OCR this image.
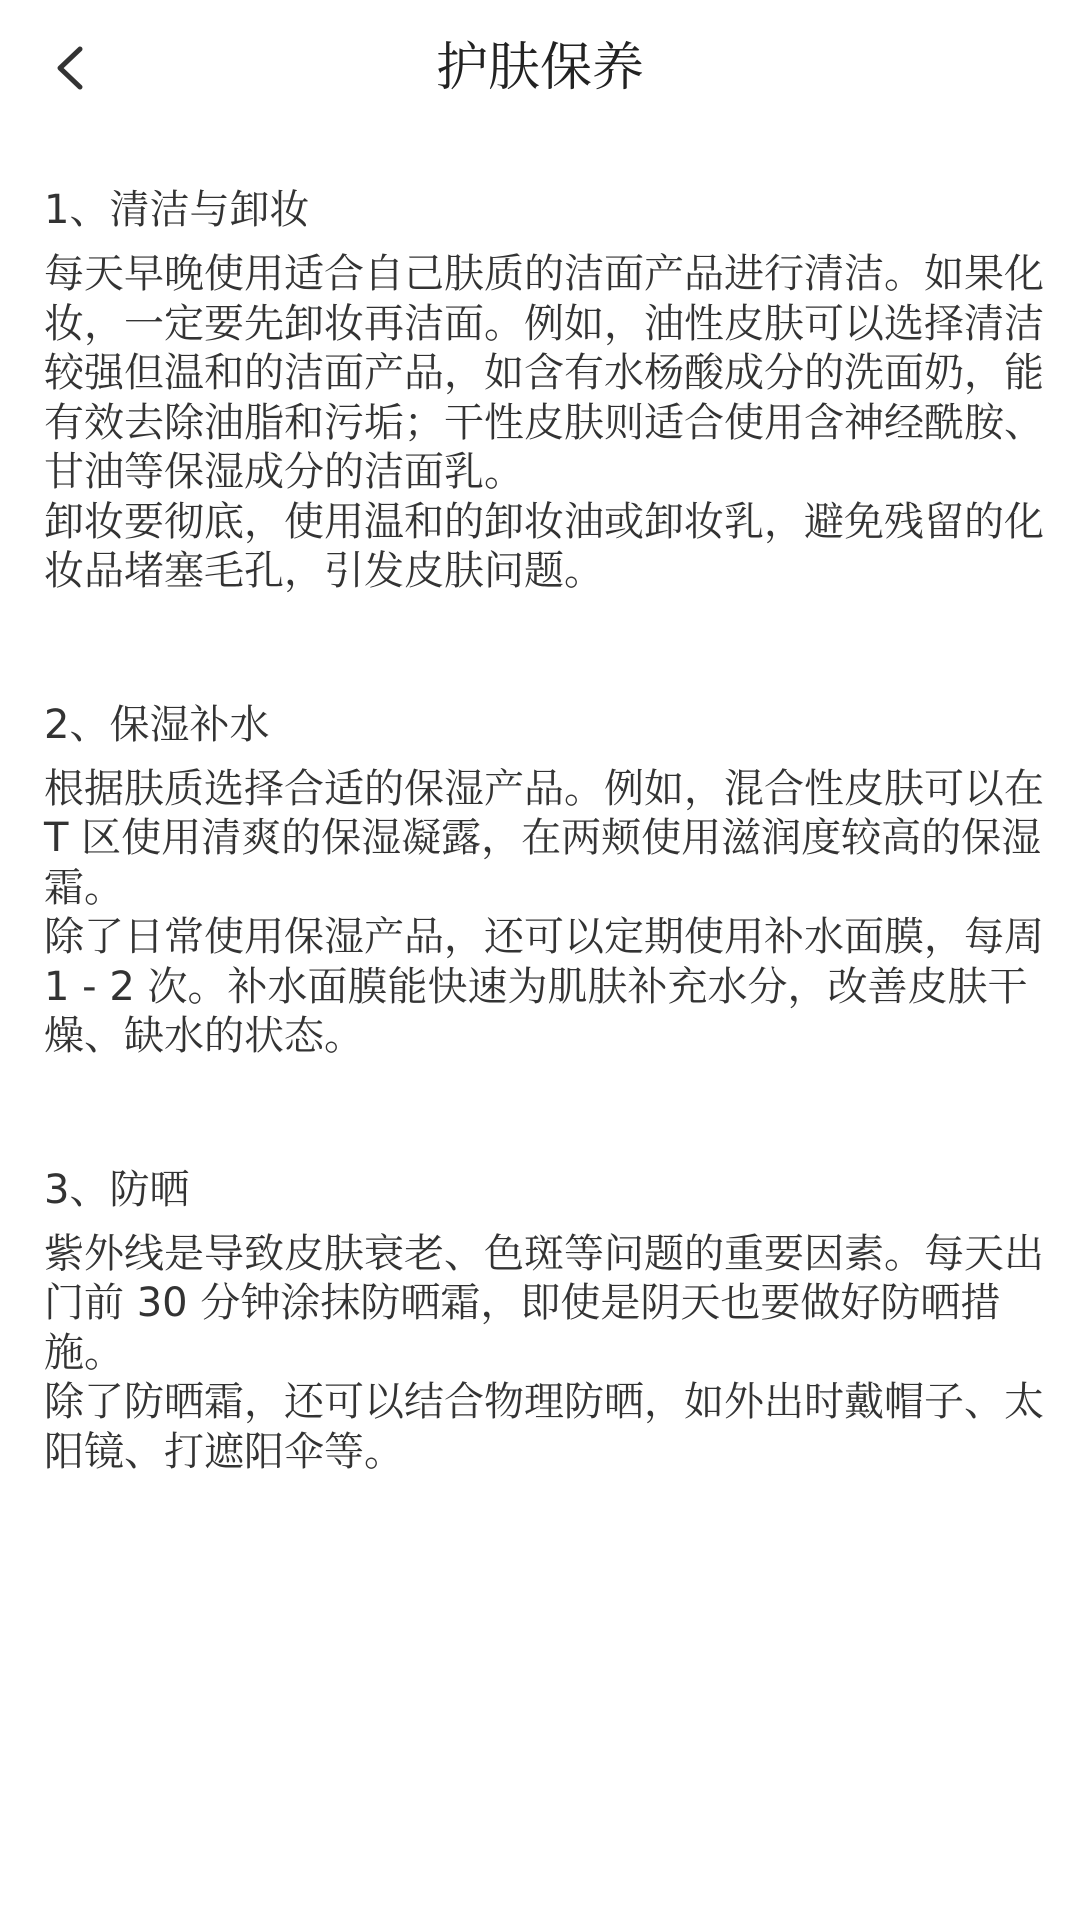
护肤保养
1、清洁与卸妆

每天早晚使用适合自己肤质的洁面产品进行清洁。如果化妆，一定要先卸妆再洁面。例如，油性皮肤可以选择清洁较强但温和的洁面产品，如含有水杨酸成分的洗面奶，能有效去除油脂和污垢；干性皮肤则适合使用含神经酰胺、甘油等保湿成分的洁面乳。

卸妆要彻底，使用温和的卸妆油或卸妆乳，避免残留的化妆品堵塞毛孔，引发皮肤问题。

2、保湿补水

根据肤质选择合适的保湿产品。例如，混合性皮肤可以在 T 区使用清爽的保湿凝露，在两颊使用滋润度较高的保湿霜。

除了日常使用保湿产品，还可以定期使用补水面膜，每周 1 - 2 次。补水面膜能快速为肌肤补充水分，改善皮肤干燥、缺水的状态。

3、防晒

紫外线是导致皮肤衰老、色斑等问题的重要因素。每天出门前 30 分钟涂抹防晒霜，即使是阴天也要做好防晒措施。

除了防晒霜，还可以结合物理防晒，如外出时戴帽子、太阳镜、打遮阳伞等。
